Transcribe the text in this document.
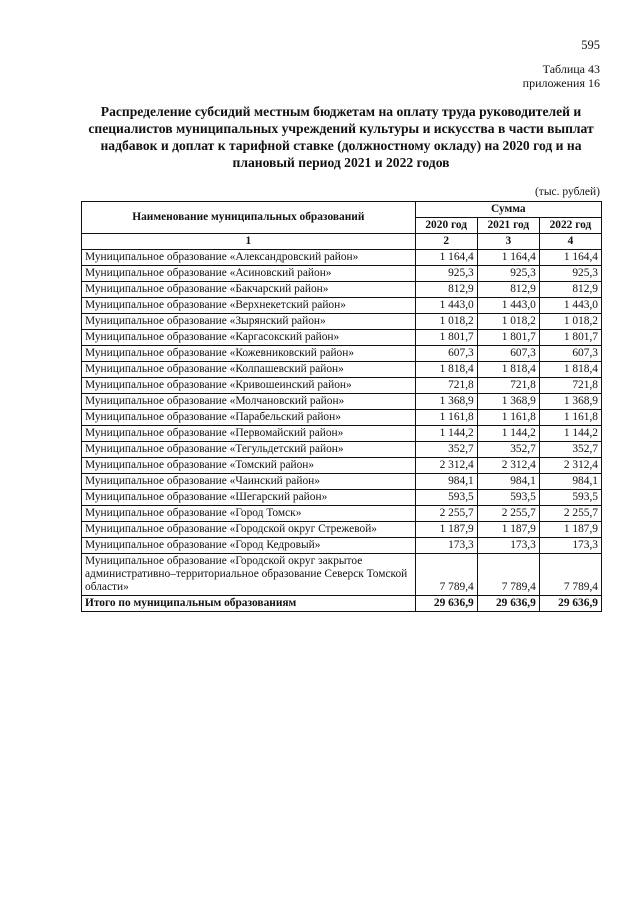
595
Таблица 43
приложения 16
Распределение субсидий местным бюджетам на оплату труда руководителей и специалистов муниципальных учреждений культуры и искусства в части выплат надбавок и доплат к тарифной ставке (должностному окладу) на 2020 год и на плановый период 2021 и 2022 годов
(тыс. рублей)
Наименование муниципальных образований	Сумма		
	2020 год	2021 год	2022 год
1	2	3	4
Муниципальное образование «Александровский район»	1 164,4	1 164,4	1 164,4
Муниципальное образование «Асиновский район»	925,3	925,3	925,3
Муниципальное образование «Бакчарский район»	812,9	812,9	812,9
Муниципальное образование «Верхнекетский район»	1 443,0	1 443,0	1 443,0
Муниципальное образование «Зырянский район»	1 018,2	1 018,2	1 018,2
Муниципальное образование «Каргасокский район»	1 801,7	1 801,7	1 801,7
Муниципальное образование «Кожевниковский район»	607,3	607,3	607,3
Муниципальное образование «Колпашевский район»	1 818,4	1 818,4	1 818,4
Муниципальное образование «Кривошеинский район»	721,8	721,8	721,8
Муниципальное образование «Молчановский район»	1 368,9	1 368,9	1 368,9
Муниципальное образование «Парабельский район»	1 161,8	1 161,8	1 161,8
Муниципальное образование «Первомайский район»	1 144,2	1 144,2	1 144,2
Муниципальное образование «Тегульдетский район»	352,7	352,7	352,7
Муниципальное образование «Томский район»	2 312,4	2 312,4	2 312,4
Муниципальное образование «Чаинский район»	984,1	984,1	984,1
Муниципальное образование «Шегарский район»	593,5	593,5	593,5
Муниципальное образование «Город Томск»	2 255,7	2 255,7	2 255,7
Муниципальное образование «Городской округ Стрежевой»	1 187,9	1 187,9	1 187,9
Муниципальное образование «Город Кедровый»	173,3	173,3	173,3
Муниципальное образование «Городской округ закрытое административно–территориальное образование Северск Томской области»	7 789,4	7 789,4	7 789,4
Итого по муниципальным образованиям	29 636,9	29 636,9	29 636,9
